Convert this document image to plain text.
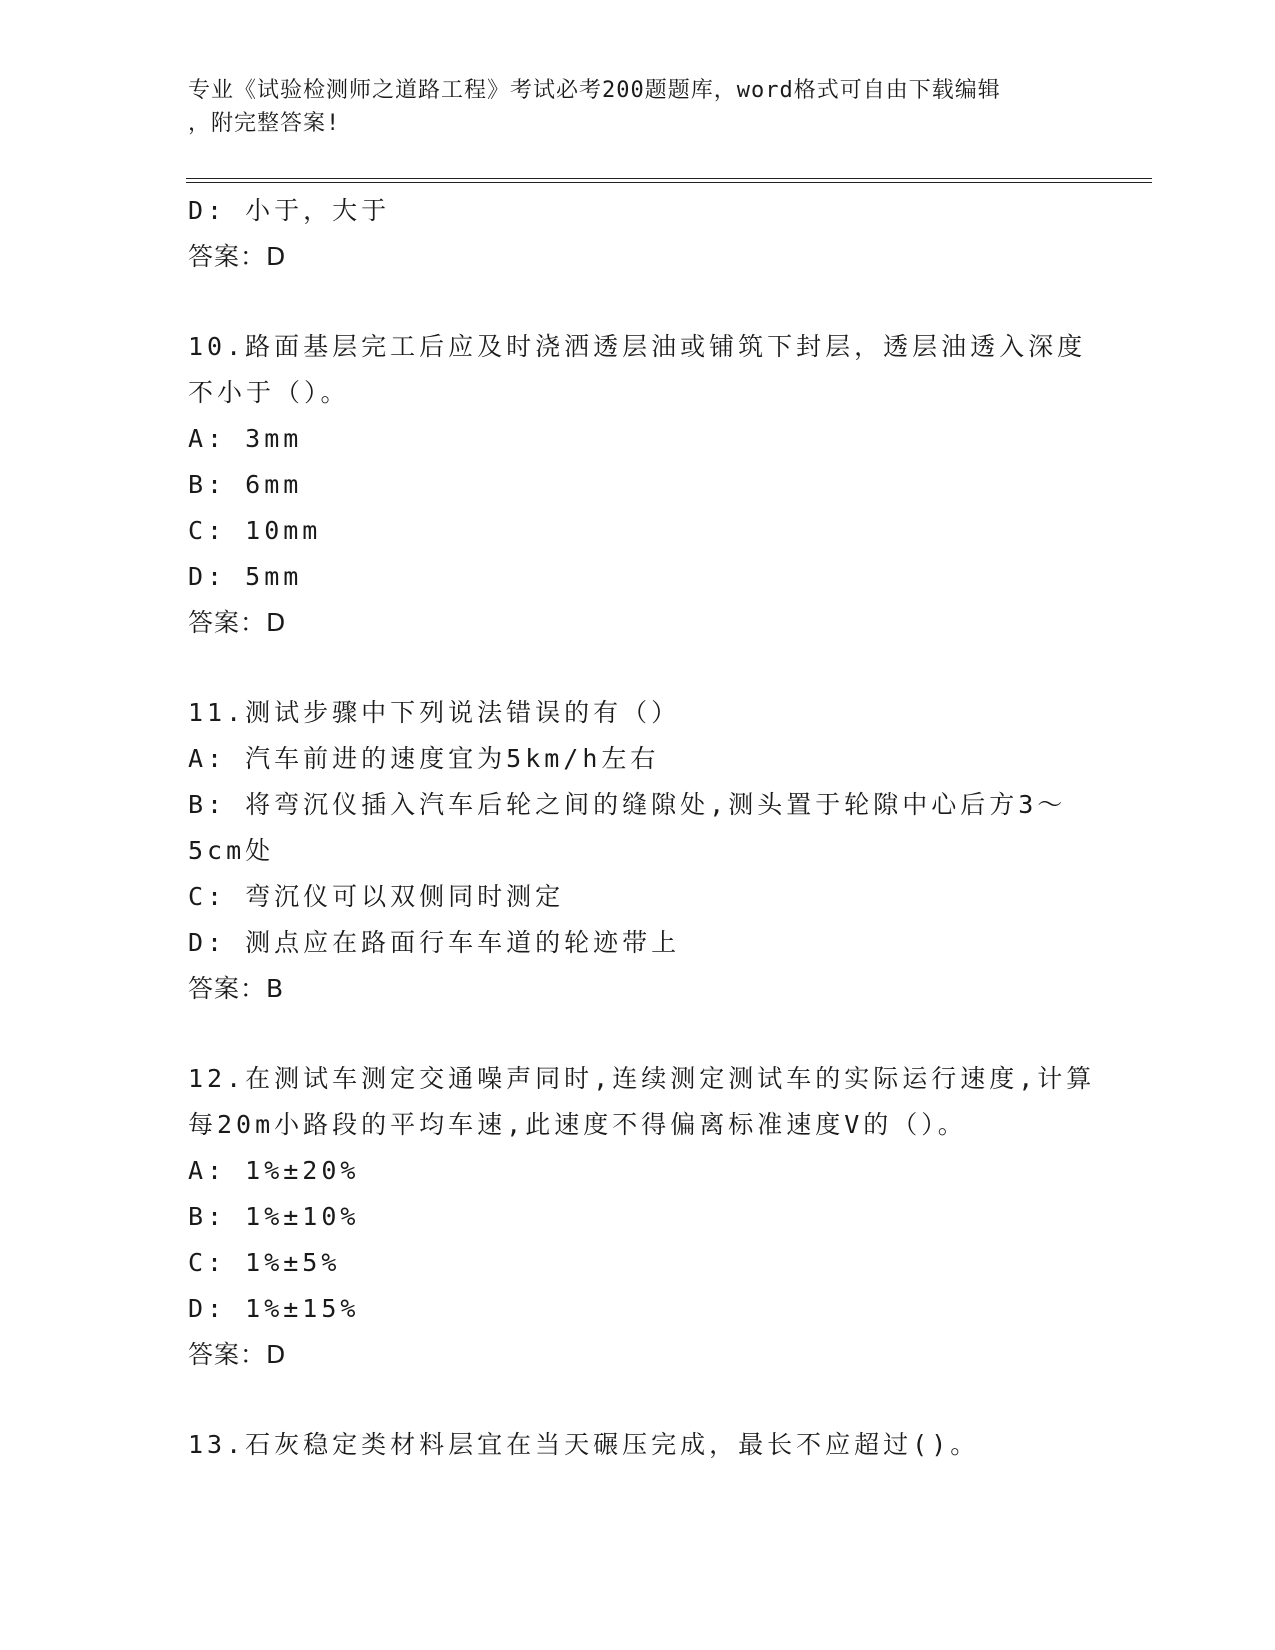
专业《试验检测师之道路工程》考试必考200题题库，word格式可自由下载编辑
，附完整答案!
D: 小于，大于
答案：D
10.路面基层完工后应及时浇洒透层油或铺筑下封层，透层油透入深度
不小于（）。
A: 3mm
B: 6mm
C: 10mm
D: 5mm
答案：D
11.测试步骤中下列说法错误的有（）
A: 汽车前进的速度宜为5km/h左右
B: 将弯沉仪插入汽车后轮之间的缝隙处,测头置于轮隙中心后方3～
5cm处
C: 弯沉仪可以双侧同时测定
D: 测点应在路面行车车道的轮迹带上
答案：B
12.在测试车测定交通噪声同时,连续测定测试车的实际运行速度,计算
每20m小路段的平均车速,此速度不得偏离标准速度V的（）。
A: 1%±20%
B: 1%±10%
C: 1%±5%
D: 1%±15%
答案：D
13.石灰稳定类材料层宜在当天碾压完成，最长不应超过()。
